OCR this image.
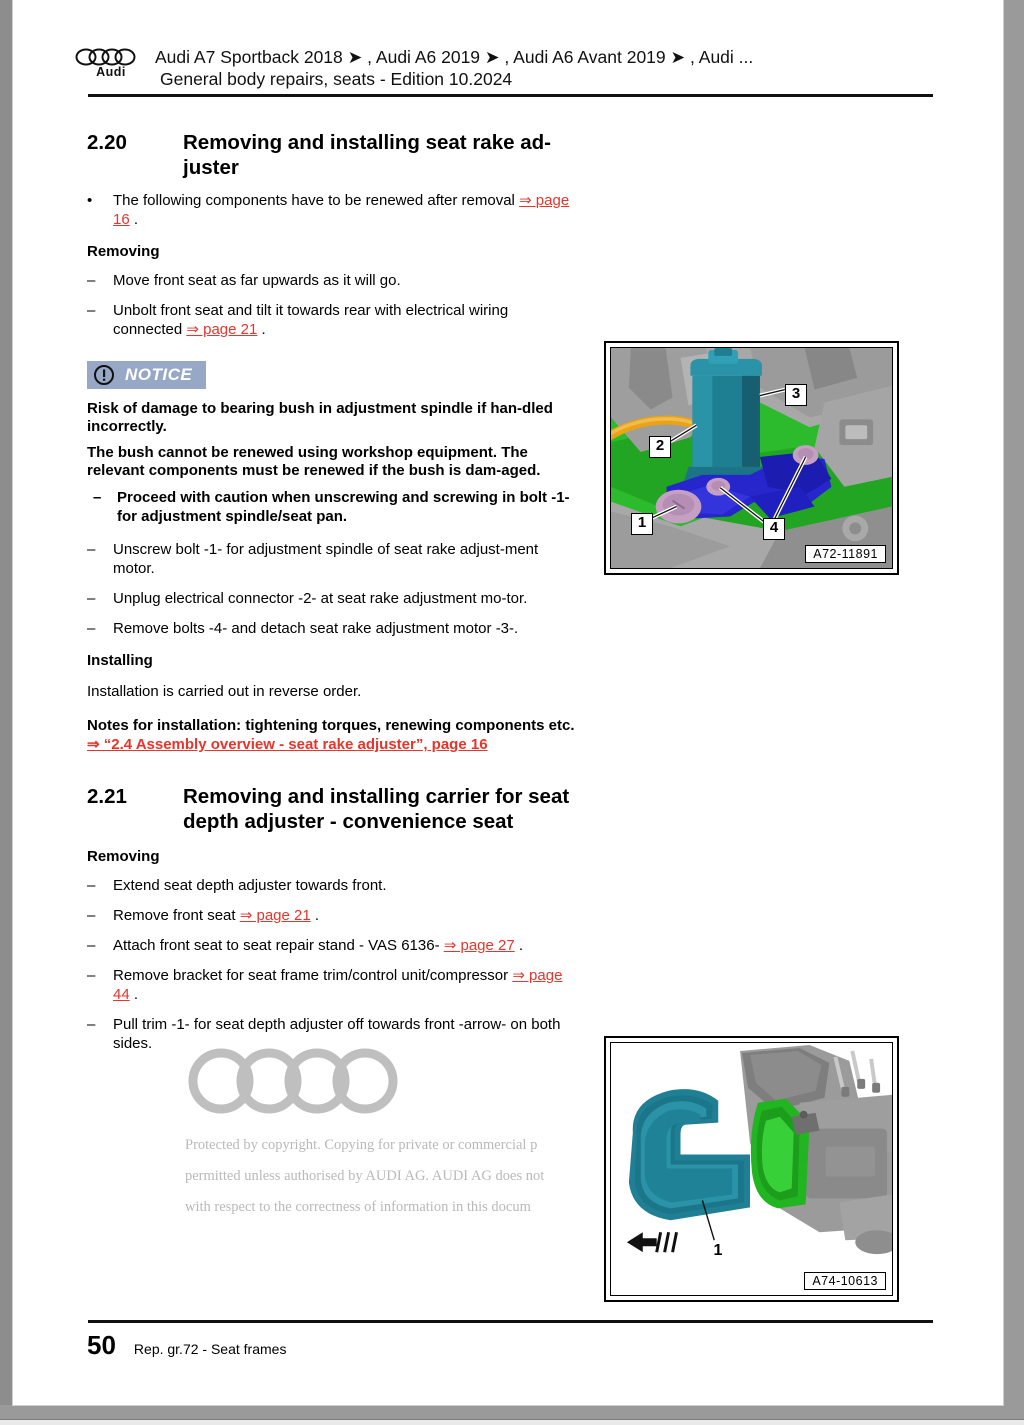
Audi
Audi A7 Sportback 2018 ➤ , Audi A6 2019 ➤ , Audi A6 Avant 2019 ➤ , Audi ...
General body repairs, seats - Edition 10.2024
2.20	Removing and installing seat rake ad-juster
•	The following components have to be renewed after removal ⇒ page 16 .
Removing
–	Move front seat as far upwards as it will go.
–	Unbolt front seat and tilt it towards rear with electrical wiring connected ⇒ page 21 .
NOTICE

Risk of damage to bearing bush in adjustment spindle if han-dled incorrectly.

The bush cannot be renewed using workshop equipment. The relevant components must be renewed if the bush is dam-aged.

–	Proceed with caution when unscrewing and screwing in bolt -1- for adjustment spindle/seat pan.
–	Unscrew bolt -1- for adjustment spindle of seat rake adjust-ment motor.
–	Unplug electrical connector -2- at seat rake adjustment mo-tor.
–	Remove bolts -4- and detach seat rake adjustment motor -3-.
Installing
Installation is carried out in reverse order.
Notes for installation: tightening torques, renewing components etc. ⇒ “2.4 Assembly overview - seat rake adjuster”, page 16
2.21	Removing and installing carrier for seat depth adjuster - convenience seat
Removing
–	Extend seat depth adjuster towards front.
–	Remove front seat ⇒ page 21 .
–	Attach front seat to seat repair stand - VAS 6136- ⇒ page 27 .
–	Remove bracket for seat frame trim/control unit/compressor ⇒ page 44 .
–	Pull trim -1- for seat depth adjuster off towards front -arrow- on both sides.
Protected by copyright. Copying for private or commercial p
permitted unless authorised by AUDI AG. AUDI AG does not
with respect to the correctness of information in this docum
3
2
1	4
A72-11891
1
A74-10613
50 Rep. gr.72 - Seat frames
